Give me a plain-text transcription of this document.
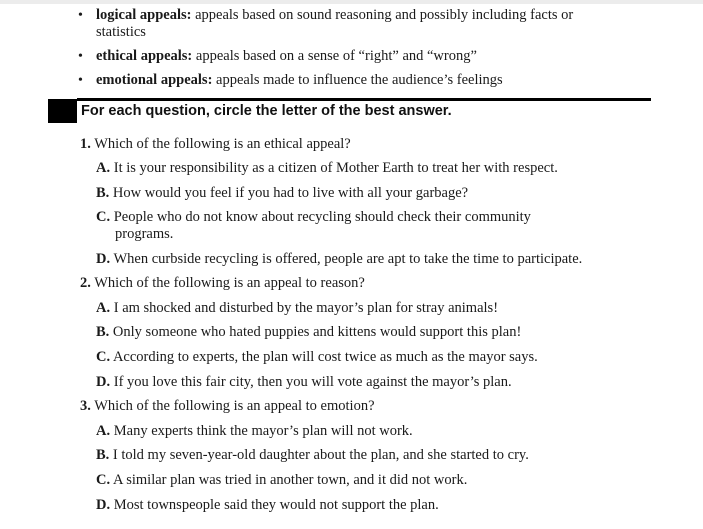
• logical appeals: appeals based on sound reasoning and possibly including facts or
statistics
• ethical appeals: appeals based on a sense of “right” and “wrong”
• emotional appeals: appeals made to influence the audience’s feelings
For each question, circle the letter of the best answer.
1. Which of the following is an ethical appeal?
A. It is your responsibility as a citizen of Mother Earth to treat her with respect.
B. How would you feel if you had to live with all your garbage?
C. People who do not know about recycling should check their community
programs.
D. When curbside recycling is offered, people are apt to take the time to participate.
2. Which of the following is an appeal to reason?
A. I am shocked and disturbed by the mayor’s plan for stray animals!
B. Only someone who hated puppies and kittens would support this plan!
C. According to experts, the plan will cost twice as much as the mayor says.
D. If you love this fair city, then you will vote against the mayor’s plan.
3. Which of the following is an appeal to emotion?
A. Many experts think the mayor’s plan will not work.
B. I told my seven-year-old daughter about the plan, and she started to cry.
C. A similar plan was tried in another town, and it did not work.
D. Most townspeople said they would not support the plan.
